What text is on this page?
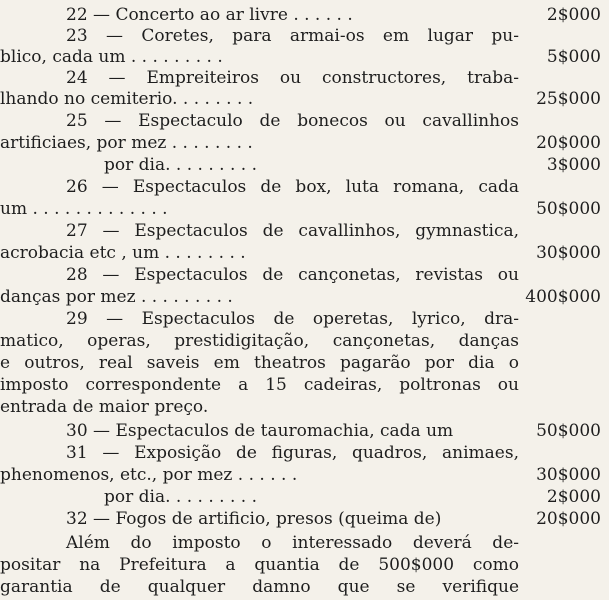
22 — Concerto ao ar livre . . . . . .	2$000
23 — Coretes, para armai-os em lugar pu-
blico, cada um . . . . . . . . .	5$000
24 — Empreiteiros ou constructores, traba-
lhando no cemiterio. . . . . . . .	25$000
25 — Espectaculo de bonecos ou cavallinhos
artificiaes, por mez . . . . . . . .	20$000
por dia. . . . . . . . .	3$000
26 — Espectaculos de box, luta romana, cada
um . . . . . . . . . . . . .	50$000
27 — Espectaculos de cavallinhos, gymnastica,
acrobacia etc , um . . . . . . . .	30$000
28 — Espectaculos de cançonetas, revistas ou
danças por mez . . . . . . . . .	400$000
29 — Espectaculos de operetas, lyrico, dra-
matico, operas, prestidigitação, cançonetas, danças
e outros, real saveis em theatros pagarão por dia o
imposto correspondente a 15 cadeiras, poltronas ou
entrada de maior preço.
30 — Espectaculos de tauromachia, cada um	50$000
31 — Exposição de figuras, quadros, animaes,
phenomenos, etc., por mez . . . . . .	30$000
por dia. . . . . . . . .	2$000
32 — Fogos de artificio, presos (queima de)	20$000
Além do imposto o interessado deverá de-
positar na Prefeitura a quantia de 500$000 como
garantia de qualquer damno que se verifique
